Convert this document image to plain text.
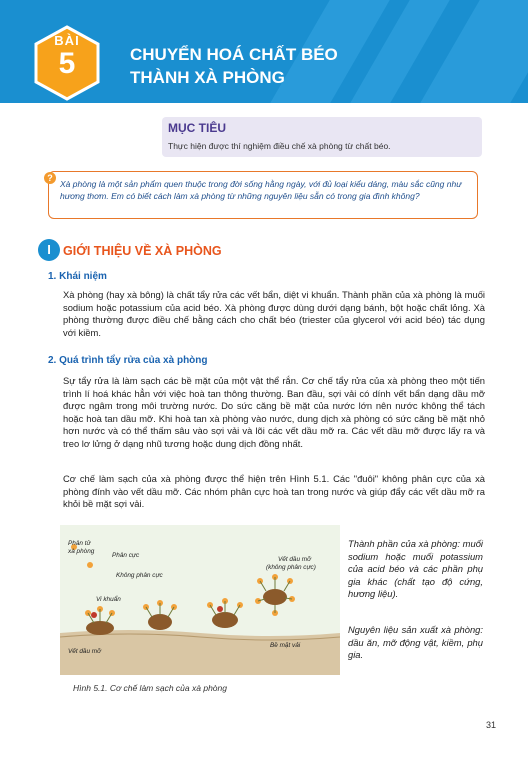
BÀI
5	CHUYỂN HOÁ CHẤT BÉO
THÀNH XÀ PHÒNG
MỤC TIÊU
Thực hiện được thí nghiệm điều chế xà phòng từ chất béo.
?
Xà phòng là một sản phẩm quen thuộc trong đời sống hằng ngày, với đủ loại kiểu dáng, màu sắc cũng như hương thơm. Em có biết cách làm xà phòng từ những nguyên liệu sẵn có trong gia đình không?
I GIỚI THIỆU VỀ XÀ PHÒNG
1. Khái niệm
Xà phòng (hay xà bông) là chất tẩy rửa các vết bẩn, diệt vi khuẩn. Thành phần của xà phòng là muối sodium hoặc potassium của acid béo. Xà phòng được dùng dưới dạng bánh, bột hoặc chất lỏng. Xà phòng thường được điều chế bằng cách cho chất béo (triester của glycerol với acid béo) tác dụng với kiềm.
2. Quá trình tẩy rửa của xà phòng
Sự tẩy rửa là làm sạch các bề mặt của một vật thể rắn. Cơ chế tẩy rửa của xà phòng theo một tiến trình lí hoá khác hẳn với việc hoà tan thông thường. Ban đầu, sợi vải có dính vết bẩn dạng dầu mỡ được ngâm trong môi trường nước. Do sức căng bề mặt của nước lớn nên nước không thể tách hoặc hoà tan dầu mỡ. Khi hoà tan xà phòng vào nước, dung dịch xà phòng có sức căng bề mặt nhỏ hơn nước và có thể thấm sâu vào sợi vải và lõi các vết dầu mỡ ra. Các vết dầu mỡ được lấy ra và treo lơ lửng ở dạng nhũ tương hoặc dung dịch đồng nhất.
Cơ chế làm sạch của xà phòng được thể hiện trên Hình 5.1. Các "đuôi" không phân cực của xà phòng đính vào vết dầu mỡ. Các nhóm phân cực hoà tan trong nước và giúp đẩy các vết dầu mỡ ra khỏi bề mặt sợi vải.
Phân tử xà phòng
Phân cực
Không phân cực
Vi khuẩn
Vết dầu mỡ
Vết dầu mỡ (không phân cực)
Bề mặt vải
Hình 5.1. Cơ chế làm sạch của xà phòng
Thành phần của xà phòng: muối sodium hoặc muối potassium của acid béo và các phần phụ gia khác (chất tạo độ cứng, hương liệu).
Nguyên liệu sản xuất xà phòng: dầu ăn, mỡ động vật, kiềm, phụ gia.
31
